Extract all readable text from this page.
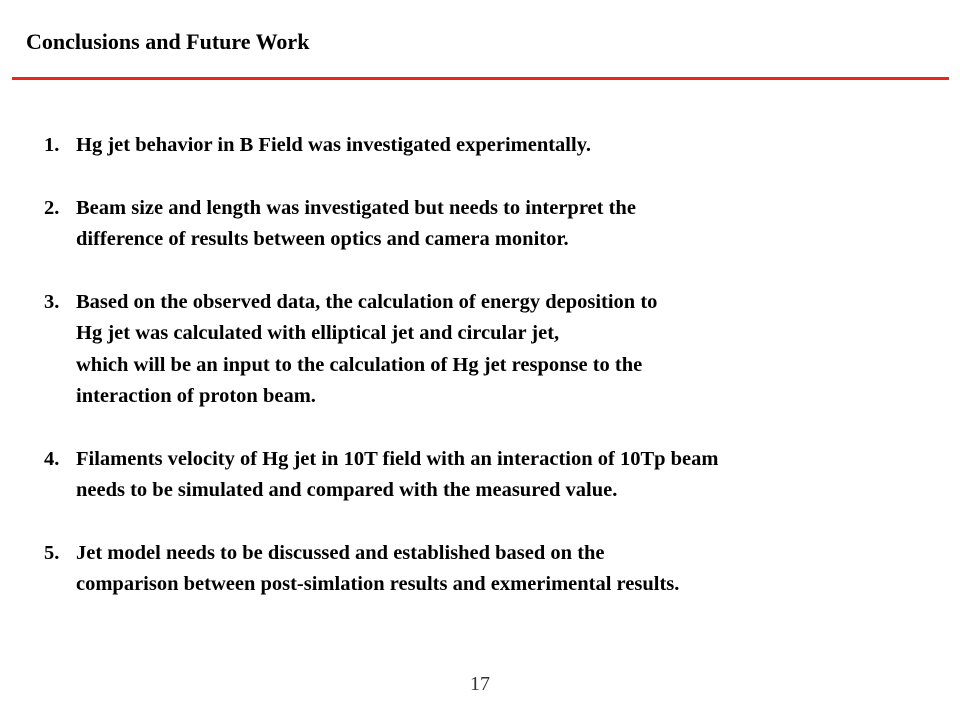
Conclusions and Future Work
1. Hg jet behavior in B Field was investigated experimentally.
2. Beam size and length was investigated but needs to interpret the
difference of results between optics and camera monitor.
3. Based on the observed data, the calculation of energy deposition to
Hg jet was calculated with elliptical jet and circular jet,
which will be an input to the calculation of Hg jet response to the
interaction of proton beam.
4. Filaments velocity of Hg jet in 10T field with an interaction of 10Tp beam
needs to be simulated and compared with the measured value.
5. Jet model needs to be discussed and established based on the
comparison between post-simlation results and exmerimental results.
17
